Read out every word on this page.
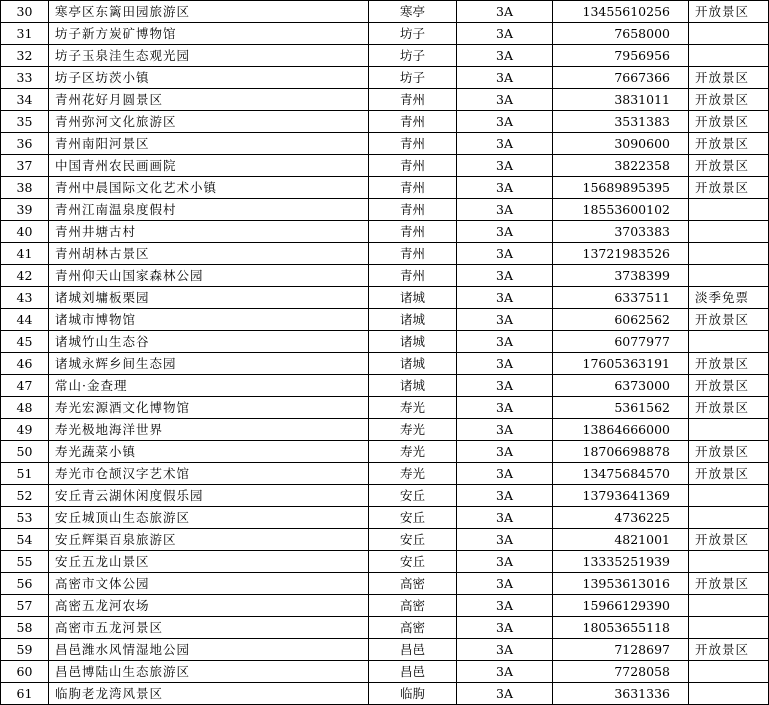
30	寒亭区东篱田园旅游区	寒亭	3A	13455610256	开放景区
31	坊子新方炭矿博物馆	坊子	3A	7658000	
32	坊子玉泉洼生态观光园	坊子	3A	7956956	
33	坊子区坊茨小镇	坊子	3A	7667366	开放景区
34	青州花好月圆景区	青州	3A	3831011	开放景区
35	青州弥河文化旅游区	青州	3A	3531383	开放景区
36	青州南阳河景区	青州	3A	3090600	开放景区
37	中国青州农民画画院	青州	3A	3822358	开放景区
38	青州中晨国际文化艺术小镇	青州	3A	15689895395	开放景区
39	青州江南温泉度假村	青州	3A	18553600102	
40	青州井塘古村	青州	3A	3703383	
41	青州胡林古景区	青州	3A	13721983526	
42	青州仰天山国家森林公园	青州	3A	3738399	
43	诸城刘墉板栗园	诸城	3A	6337511	淡季免票
44	诸城市博物馆	诸城	3A	6062562	开放景区
45	诸城竹山生态谷	诸城	3A	6077977	
46	诸城永辉乡间生态园	诸城	3A	17605363191	开放景区
47	常山·金查理	诸城	3A	6373000	开放景区
48	寿光宏源酒文化博物馆	寿光	3A	5361562	开放景区
49	寿光极地海洋世界	寿光	3A	13864666000	
50	寿光蔬菜小镇	寿光	3A	18706698878	开放景区
51	寿光市仓颉汉字艺术馆	寿光	3A	13475684570	开放景区
52	安丘青云湖休闲度假乐园	安丘	3A	13793641369	
53	安丘城顶山生态旅游区	安丘	3A	4736225	
54	安丘辉渠百泉旅游区	安丘	3A	4821001	开放景区
55	安丘五龙山景区	安丘	3A	13335251939	
56	高密市文体公园	高密	3A	13953613016	开放景区
57	高密五龙河农场	高密	3A	15966129390	
58	高密市五龙河景区	高密	3A	18053655118	
59	昌邑潍水风情湿地公园	昌邑	3A	7128697	开放景区
60	昌邑博陆山生态旅游区	昌邑	3A	7728058	
61	临朐老龙湾风景区	临朐	3A	3631336	
